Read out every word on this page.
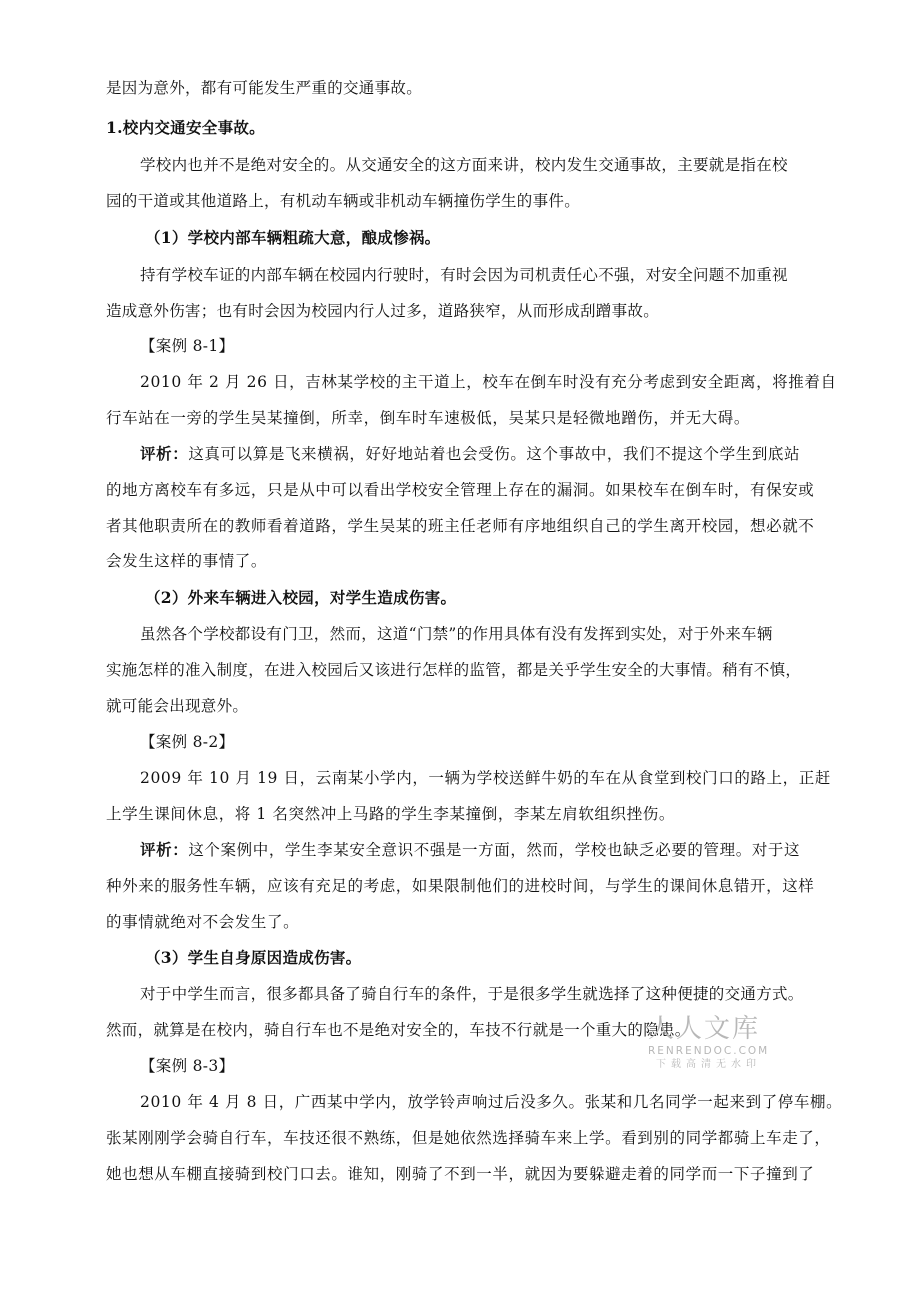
是因为意外，都有可能发生严重的交通事故。
1.校内交通安全事故。
学校内也并不是绝对安全的。从交通安全的这方面来讲，校内发生交通事故，主要就是指在校
园的干道或其他道路上，有机动车辆或非机动车辆撞伤学生的事件。
（1）学校内部车辆粗疏大意，酿成惨祸。
持有学校车证的内部车辆在校园内行驶时，有时会因为司机责任心不强，对安全问题不加重视
造成意外伤害；也有时会因为校园内行人过多，道路狭窄，从而形成刮蹭事故。
【案例 8-1】
2010 年 2 月 26 日，吉林某学校的主干道上，校车在倒车时没有充分考虑到安全距离，将推着自
行车站在一旁的学生吴某撞倒，所幸，倒车时车速极低，吴某只是轻微地蹭伤，并无大碍。
评析：这真可以算是飞来横祸，好好地站着也会受伤。这个事故中，我们不提这个学生到底站
的地方离校车有多远，只是从中可以看出学校安全管理上存在的漏洞。如果校车在倒车时，有保安或
者其他职责所在的教师看着道路，学生吴某的班主任老师有序地组织自己的学生离开校园，想必就不
会发生这样的事情了。
（2）外来车辆进入校园，对学生造成伤害。
虽然各个学校都设有门卫，然而，这道“门禁”的作用具体有没有发挥到实处，对于外来车辆
实施怎样的准入制度，在进入校园后又该进行怎样的监管，都是关乎学生安全的大事情。稍有不慎，
就可能会出现意外。
【案例 8-2】
2009 年 10 月 19 日，云南某小学内，一辆为学校送鲜牛奶的车在从食堂到校门口的路上，正赶
上学生课间休息，将 1 名突然冲上马路的学生李某撞倒，李某左肩软组织挫伤。
评析：这个案例中，学生李某安全意识不强是一方面，然而，学校也缺乏必要的管理。对于这
种外来的服务性车辆，应该有充足的考虑，如果限制他们的进校时间，与学生的课间休息错开，这样
的事情就绝对不会发生了。
（3）学生自身原因造成伤害。
对于中学生而言，很多都具备了骑自行车的条件，于是很多学生就选择了这种便捷的交通方式。
然而，就算是在校内，骑自行车也不是绝对安全的，车技不行就是一个重大的隐患。
【案例 8-3】
2010 年 4 月 8 日，广西某中学内，放学铃声响过后没多久。张某和几名同学一起来到了停车棚。
张某刚刚学会骑自行车，车技还很不熟练，但是她依然选择骑车来上学。看到别的同学都骑上车走了，
她也想从车棚直接骑到校门口去。谁知，刚骑了不到一半，就因为要躲避走着的同学而一下子撞到了
人人文库
RENRENDOC.COM
下载高清无水印
